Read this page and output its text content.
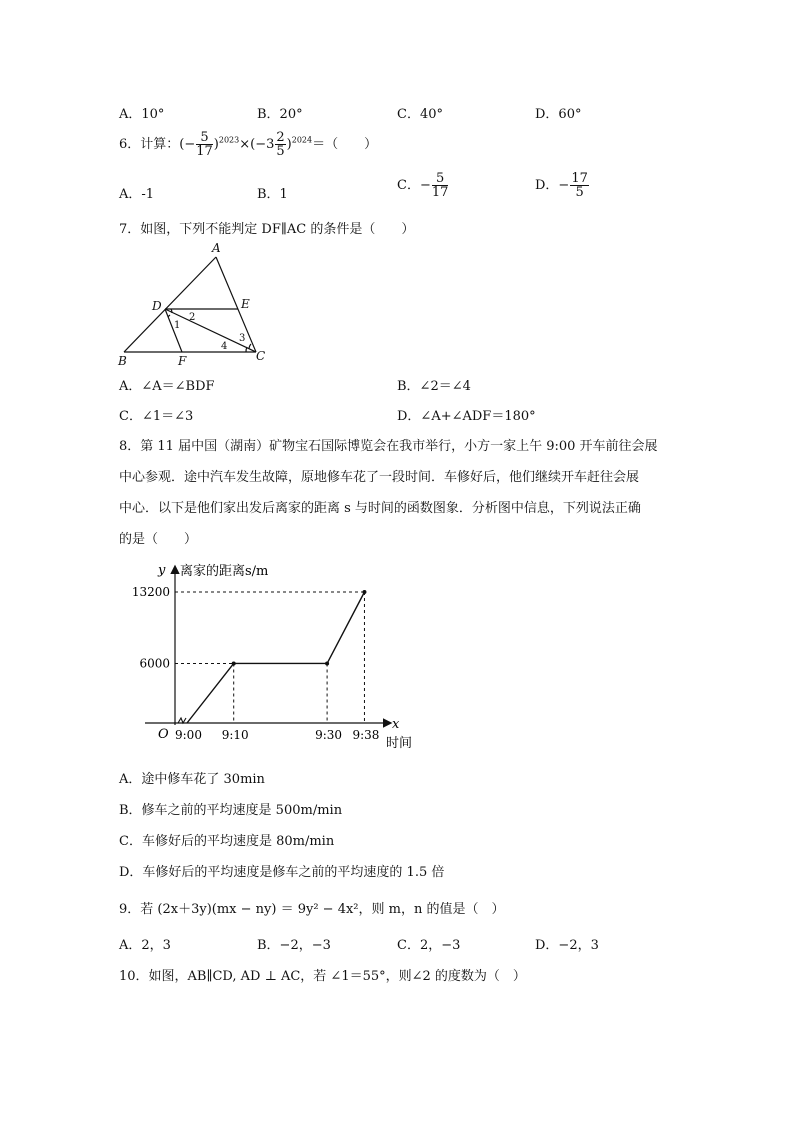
A．10°	B．20°	C．40°	D．60°
6．计算：(− $\frac{5}{17} )^{2023}\times(-3 \frac{2}{5} )^{2024}=$（　　）
A．-1	B．1
C．− $\frac{5}{17}$	D．− $\frac{17}{5}$
7．如图，下列不能判定 DF∥AC 的条件是（　　）
A
D	E
B	F	C
1
2
3
4
A．∠A＝∠BDF	B．∠2＝∠4
C．∠1＝∠3	D．∠A+∠ADF＝180°
8．第 11 届中国（湖南）矿物宝石国际博览会在我市举行，小方一家上午 9:00 开车前往会展
中心参观．途中汽车发生故障，原地修车花了一段时间．车修好后，他们继续开车赶往会展
中心．以下是他们家出发后离家的距离 s 与时间的函数图象．分析图中信息，下列说法正确
的是（　　）
y 离家的距离s/m
x
时间
O 9:00 9:10	9:30 9:38
6000
13200
A．途中修车花了 30min
B．修车之前的平均速度是 500m/min
C．车修好后的平均速度是 80m/min
D．车修好后的平均速度是修车之前的平均速度的 1.5 倍
9．若 (2x＋3y)(mx − ny) ＝ 9y² − 4x²，则 m，n 的值是（　）
A．2，3	B．−2，−3	C．2，−3	D．−2，3
10．如图，AB∥CD, AD ⊥ AC，若 ∠1＝55°，则∠2 的度数为（　）
